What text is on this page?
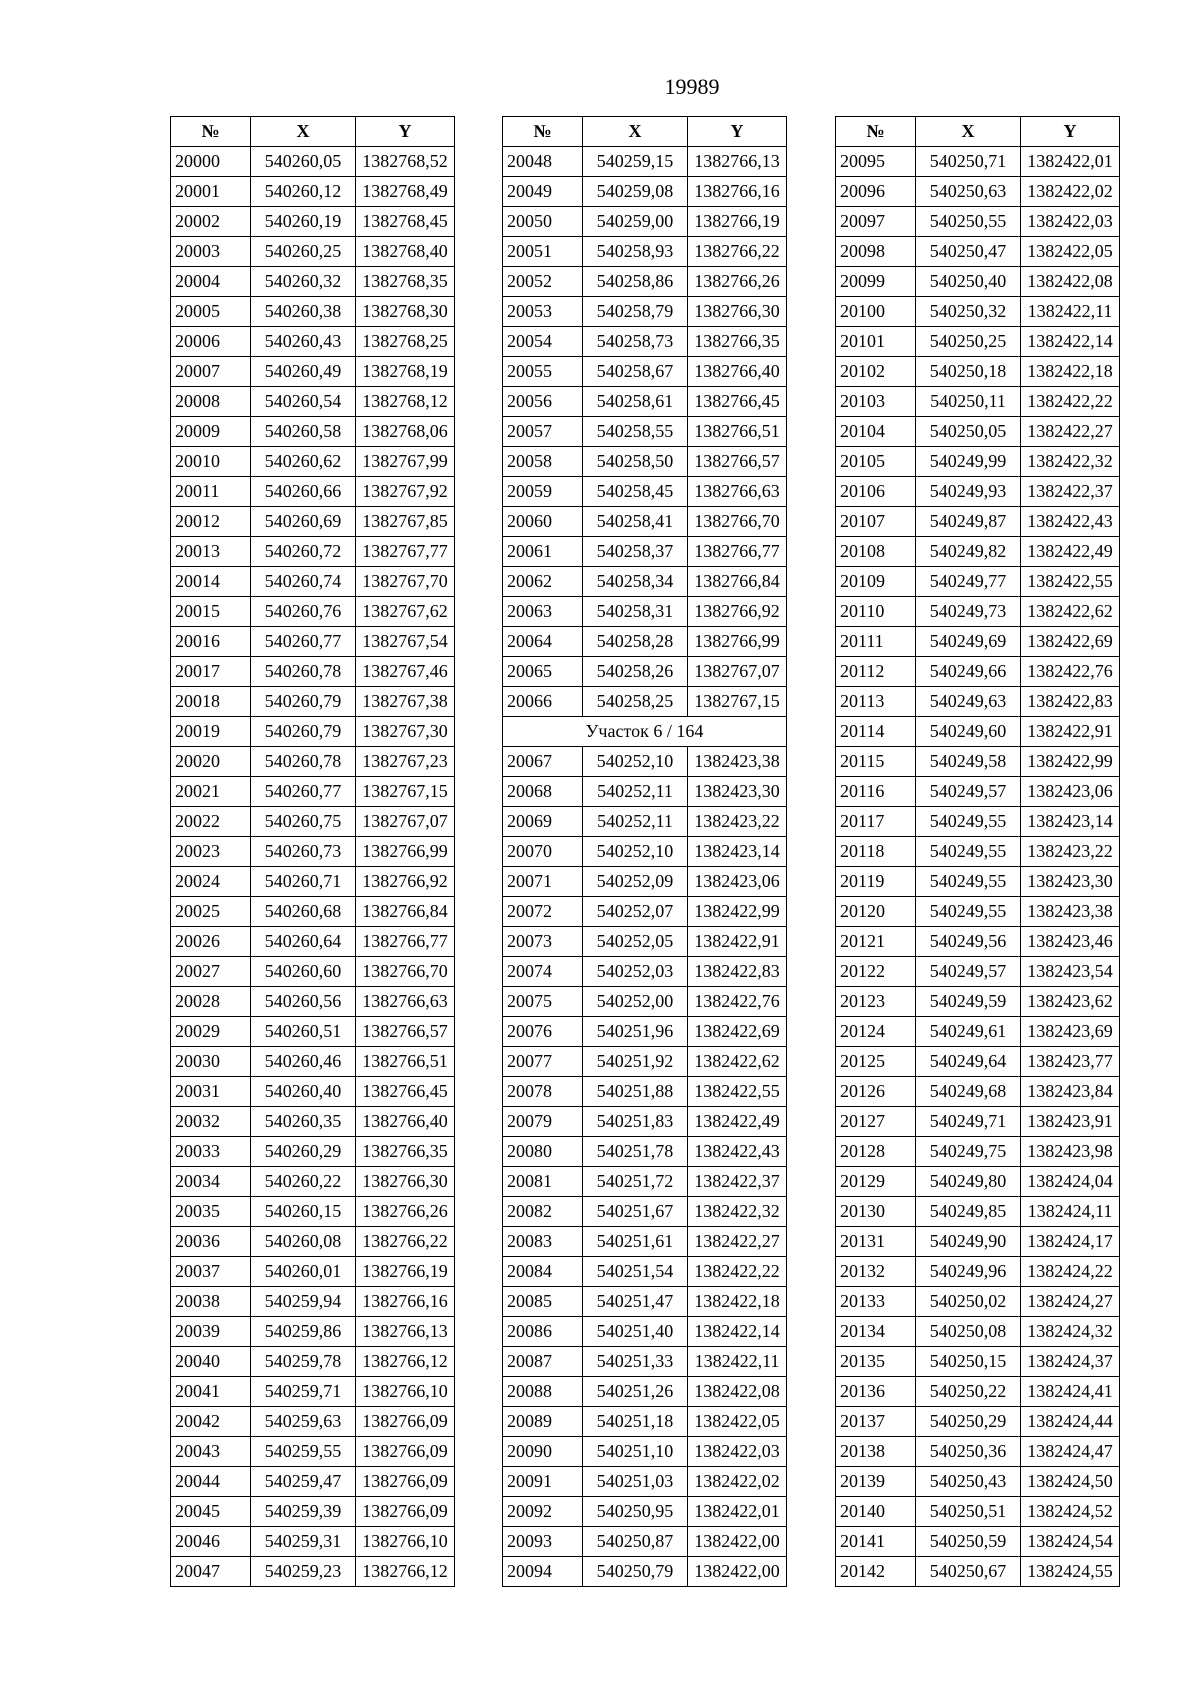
19989
№	X	Y
20000	540260,05	1382768,52
20001	540260,12	1382768,49
20002	540260,19	1382768,45
20003	540260,25	1382768,40
20004	540260,32	1382768,35
20005	540260,38	1382768,30
20006	540260,43	1382768,25
20007	540260,49	1382768,19
20008	540260,54	1382768,12
20009	540260,58	1382768,06
20010	540260,62	1382767,99
20011	540260,66	1382767,92
20012	540260,69	1382767,85
20013	540260,72	1382767,77
20014	540260,74	1382767,70
20015	540260,76	1382767,62
20016	540260,77	1382767,54
20017	540260,78	1382767,46
20018	540260,79	1382767,38
20019	540260,79	1382767,30
20020	540260,78	1382767,23
20021	540260,77	1382767,15
20022	540260,75	1382767,07
20023	540260,73	1382766,99
20024	540260,71	1382766,92
20025	540260,68	1382766,84
20026	540260,64	1382766,77
20027	540260,60	1382766,70
20028	540260,56	1382766,63
20029	540260,51	1382766,57
20030	540260,46	1382766,51
20031	540260,40	1382766,45
20032	540260,35	1382766,40
20033	540260,29	1382766,35
20034	540260,22	1382766,30
20035	540260,15	1382766,26
20036	540260,08	1382766,22
20037	540260,01	1382766,19
20038	540259,94	1382766,16
20039	540259,86	1382766,13
20040	540259,78	1382766,12
20041	540259,71	1382766,10
20042	540259,63	1382766,09
20043	540259,55	1382766,09
20044	540259,47	1382766,09
20045	540259,39	1382766,09
20046	540259,31	1382766,10
20047	540259,23	1382766,12
№	X	Y
20048	540259,15	1382766,13
20049	540259,08	1382766,16
20050	540259,00	1382766,19
20051	540258,93	1382766,22
20052	540258,86	1382766,26
20053	540258,79	1382766,30
20054	540258,73	1382766,35
20055	540258,67	1382766,40
20056	540258,61	1382766,45
20057	540258,55	1382766,51
20058	540258,50	1382766,57
20059	540258,45	1382766,63
20060	540258,41	1382766,70
20061	540258,37	1382766,77
20062	540258,34	1382766,84
20063	540258,31	1382766,92
20064	540258,28	1382766,99
20065	540258,26	1382767,07
20066	540258,25	1382767,15
Участок 6 / 164		
20067	540252,10	1382423,38
20068	540252,11	1382423,30
20069	540252,11	1382423,22
20070	540252,10	1382423,14
20071	540252,09	1382423,06
20072	540252,07	1382422,99
20073	540252,05	1382422,91
20074	540252,03	1382422,83
20075	540252,00	1382422,76
20076	540251,96	1382422,69
20077	540251,92	1382422,62
20078	540251,88	1382422,55
20079	540251,83	1382422,49
20080	540251,78	1382422,43
20081	540251,72	1382422,37
20082	540251,67	1382422,32
20083	540251,61	1382422,27
20084	540251,54	1382422,22
20085	540251,47	1382422,18
20086	540251,40	1382422,14
20087	540251,33	1382422,11
20088	540251,26	1382422,08
20089	540251,18	1382422,05
20090	540251,10	1382422,03
20091	540251,03	1382422,02
20092	540250,95	1382422,01
20093	540250,87	1382422,00
20094	540250,79	1382422,00
№	X	Y
20095	540250,71	1382422,01
20096	540250,63	1382422,02
20097	540250,55	1382422,03
20098	540250,47	1382422,05
20099	540250,40	1382422,08
20100	540250,32	1382422,11
20101	540250,25	1382422,14
20102	540250,18	1382422,18
20103	540250,11	1382422,22
20104	540250,05	1382422,27
20105	540249,99	1382422,32
20106	540249,93	1382422,37
20107	540249,87	1382422,43
20108	540249,82	1382422,49
20109	540249,77	1382422,55
20110	540249,73	1382422,62
20111	540249,69	1382422,69
20112	540249,66	1382422,76
20113	540249,63	1382422,83
20114	540249,60	1382422,91
20115	540249,58	1382422,99
20116	540249,57	1382423,06
20117	540249,55	1382423,14
20118	540249,55	1382423,22
20119	540249,55	1382423,30
20120	540249,55	1382423,38
20121	540249,56	1382423,46
20122	540249,57	1382423,54
20123	540249,59	1382423,62
20124	540249,61	1382423,69
20125	540249,64	1382423,77
20126	540249,68	1382423,84
20127	540249,71	1382423,91
20128	540249,75	1382423,98
20129	540249,80	1382424,04
20130	540249,85	1382424,11
20131	540249,90	1382424,17
20132	540249,96	1382424,22
20133	540250,02	1382424,27
20134	540250,08	1382424,32
20135	540250,15	1382424,37
20136	540250,22	1382424,41
20137	540250,29	1382424,44
20138	540250,36	1382424,47
20139	540250,43	1382424,50
20140	540250,51	1382424,52
20141	540250,59	1382424,54
20142	540250,67	1382424,55
